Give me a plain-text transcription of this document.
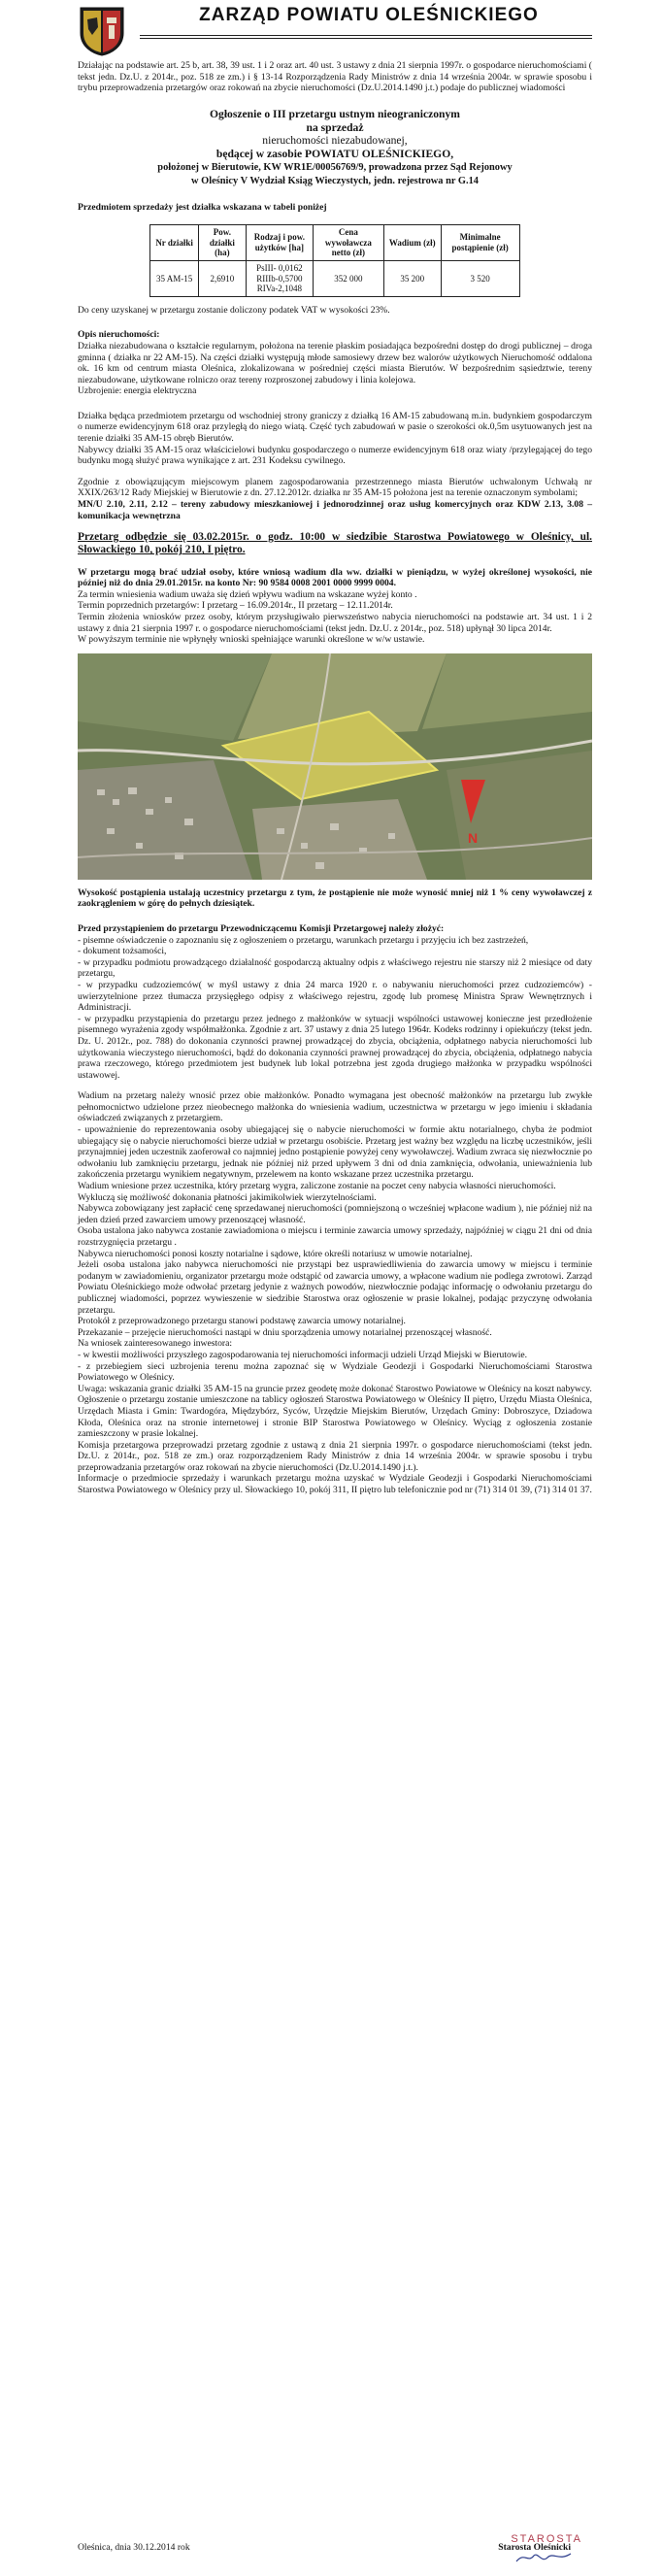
ZARZĄD POWIATU OLEŚNICKIEGO

Działając na podstawie art. 25 b, art. 38, 39 ust. 1 i 2 oraz art. 40 ust. 3 ustawy z dnia 21 sierpnia 1997r. o gospodarce nieruchomościami ( tekst jedn. Dz.U. z 2014r., poz. 518 ze zm.) i § 13-14 Rozporządzenia Rady Ministrów z dnia 14 września 2004r. w sprawie sposobu i trybu przeprowadzenia przetargów oraz rokowań na zbycie nieruchomości (Dz.U.2014.1490 j.t.) podaje do publicznej wiadomości

Ogłoszenie o III przetargu ustnym nieograniczonym
na sprzedaż
nieruchomości niezabudowanej,
będącej w zasobie POWIATU OLEŚNICKIEGO,
położonej w Bierutowie, KW WR1E/00056769/9, prowadzona przez Sąd Rejonowy
w Oleśnicy V Wydział Ksiąg Wieczystych, jedn. rejestrowa nr G.14

Przedmiotem sprzedaży jest działka wskazana w tabeli poniżej

Nr działki	Pow. działki (ha)	Rodzaj i pow. użytków [ha]	Cena wywoławcza netto (zł)	Wadium (zł)	Minimalne postąpienie (zł)
35 AM-15	2,6910	PsIII- 0,0162
RIIIb-0,5700
RIVa-2,1048	352 000	35 200	3 520

Do ceny uzyskanej w przetargu zostanie doliczony podatek VAT w wysokości 23%.

Opis nieruchomości:

Działka niezabudowana o kształcie regularnym, położona na terenie płaskim posiadająca bezpośredni dostęp do drogi publicznej – droga gminna ( działka nr 22 AM-15). Na części działki występują młode samosiewy drzew bez walorów użytkowych Nieruchomość oddalona ok. 16 km od centrum miasta Oleśnica, zlokalizowana w pośredniej części miasta Bierutów. W bezpośrednim sąsiedztwie, tereny niezabudowane, użytkowane rolniczo oraz tereny rozproszonej zabudowy i linia kolejowa.

Uzbrojenie: energia elektryczna

Działka będąca przedmiotem przetargu od wschodniej strony graniczy z działką 16 AM-15 zabudowaną m.in. budynkiem gospodarczym o numerze ewidencyjnym 618 oraz przyległą do niego wiatą. Część tych zabudowań w pasie o szerokości ok.0,5m usytuowanych jest na terenie działki 35 AM-15 obręb Bierutów.

Nabywcy działki 35 AM-15 oraz właścicielowi budynku gospodarczego o numerze ewidencyjnym 618 oraz wiaty /przylegającej do tego budynku mogą służyć prawa wynikające z art. 231 Kodeksu cywilnego.

Zgodnie z obowiązującym miejscowym planem zagospodarowania przestrzennego miasta Bierutów uchwalonym Uchwałą nr XXIX/263/12 Rady Miejskiej w Bierutowie z dn. 27.12.2012r. działka nr 35 AM-15 położona jest na terenie oznaczonym symbolami;

MN/U 2.10, 2.11, 2.12 – tereny zabudowy mieszkaniowej i jednorodzinnej oraz usług komercyjnych oraz KDW 2.13, 3.08 – komunikacja wewnętrzna

Przetarg odbędzie się 03.02.2015r. o godz. 10:00 w siedzibie Starostwa Powiatowego w Oleśnicy, ul. Słowackiego 10, pokój 210, I piętro.

W przetargu mogą brać udział osoby, które wniosą wadium dla ww. działki w pieniądzu, w wyżej określonej wysokości, nie później niż do dnia 29.01.2015r. na konto Nr: 90 9584 0008 2001 0000 9999 0004.

Za termin wniesienia wadium uważa się dzień wpływu wadium na wskazane wyżej konto .

Termin poprzednich przetargów: I przetarg – 16.09.2014r., II przetarg – 12.11.2014r.

Termin złożenia wniosków przez osoby, którym przysługiwało pierwszeństwo nabycia nieruchomości na podstawie art. 34 ust. 1 i 2 ustawy z dnia 21 sierpnia 1997 r. o gospodarce nieruchomościami (tekst jedn. Dz.U. z 2014r., poz. 518) upłynął 30 lipca 2014r.

W powyższym terminie nie wpłynęły wnioski spełniające warunki określone w w/w ustawie.

N

Wysokość postąpienia ustalają uczestnicy przetargu z tym, że postąpienie nie może wynosić mniej niż 1 % ceny wywoławczej z zaokrągleniem w górę do pełnych dziesiątek.

Przed przystąpieniem do przetargu Przewodniczącemu Komisji Przetargowej należy złożyć:

- pisemne oświadczenie o zapoznaniu się z ogłoszeniem o przetargu, warunkach przetargu i przyjęciu ich bez zastrzeżeń,

- dokument tożsamości,

- w przypadku podmiotu prowadzącego działalność gospodarczą aktualny odpis z właściwego rejestru nie starszy niż 2 miesiące od daty przetargu,

- w przypadku cudzoziemców( w myśl ustawy z dnia 24 marca 1920 r. o nabywaniu nieruchomości przez cudzoziemców) - uwierzytelnione przez tłumacza przysięgłego odpisy z właściwego rejestru, zgodę lub promesę Ministra Spraw Wewnętrznych i Administracji.

- w przypadku przystąpienia do przetargu przez jednego z małżonków w sytuacji wspólności ustawowej konieczne jest przedłożenie pisemnego wyrażenia zgody współmałżonka. Zgodnie z art. 37 ustawy z dnia 25 lutego 1964r. Kodeks rodzinny i opiekuńczy (tekst jedn. Dz. U. 2012r., poz. 788) do dokonania czynności prawnej prowadzącej do zbycia, obciążenia, odpłatnego nabycia nieruchomości lub użytkowania wieczystego nieruchomości, bądź do dokonania czynności prawnej prowadzącej do zbycia, obciążenia, odpłatnego nabycia prawa rzeczowego, którego przedmiotem jest budynek lub lokal potrzebna jest zgoda drugiego małżonka w przypadku wspólności ustawowej.

Wadium na przetarg należy wnosić przez obie małżonków. Ponadto wymagana jest obecność małżonków na przetargu lub zwykłe pełnomocnictwo udzielone przez nieobecnego małżonka do wniesienia wadium, uczestnictwa w przetargu w jego imieniu i składania oświadczeń związanych z przetargiem.

- upoważnienie do reprezentowania osoby ubiegającej się o nabycie nieruchomości w formie aktu notarialnego, chyba że podmiot ubiegający się o nabycie nieruchomości bierze udział w przetargu osobiście. Przetarg jest ważny bez względu na liczbę uczestników, jeśli przynajmniej jeden uczestnik zaoferował co najmniej jedno postąpienie powyżej ceny wywoławczej. Wadium zwraca się niezwłocznie po odwołaniu lub zamknięciu przetargu, jednak nie później niż przed upływem 3 dni od dnia zamknięcia, odwołania, unieważnienia lub zakończenia przetargu wynikiem negatywnym, przelewem na konto wskazane przez uczestnika przetargu.

Wadium wniesione przez uczestnika, który przetarg wygra, zaliczone zostanie na poczet ceny nabycia własności nieruchomości.

Wykluczą się możliwość dokonania płatności jakimikolwiek wierzytelnościami.

Nabywca zobowiązany jest zapłacić cenę sprzedawanej nieruchomości (pomniejszoną o wcześniej wpłacone wadium ), nie później niż na jeden dzień przed zawarciem umowy przenoszącej własność.

Osoba ustalona jako nabywca zostanie zawiadomiona o miejscu i terminie zawarcia umowy sprzedaży, najpóźniej w ciągu 21 dni od dnia rozstrzygnięcia przetargu .

Nabywca nieruchomości ponosi koszty notarialne i sądowe, które określi notariusz w umowie notarialnej.

Jeżeli osoba ustalona jako nabywca nieruchomości nie przystąpi bez usprawiedliwienia do zawarcia umowy w miejscu i terminie podanym w zawiadomieniu, organizator przetargu może odstąpić od zawarcia umowy, a wpłacone wadium nie podlega zwrotowi. Zarząd Powiatu Oleśnickiego może odwołać przetarg jedynie z ważnych powodów, niezwłocznie podając informację o odwołaniu przetargu do publicznej wiadomości, poprzez wywieszenie w siedzibie Starostwa oraz ogłoszenie w prasie lokalnej, podając przyczynę odwołania przetargu.

Protokół z przeprowadzonego przetargu stanowi podstawę zawarcia umowy notarialnej.

Przekazanie – przejęcie nieruchomości nastąpi w dniu sporządzenia umowy notarialnej przenoszącej własność.

Na wniosek zainteresowanego inwestora:

- w kwestii możliwości przyszłego zagospodarowania tej nieruchomości informacji udzieli Urząd Miejski w Bierutowie.

- z przebiegiem sieci uzbrojenia terenu można zapoznać się w Wydziale Geodezji i Gospodarki Nieruchomościami Starostwa Powiatowego w Oleśnicy.

Uwaga: wskazania granic działki 35 AM-15 na gruncie przez geodetę może dokonać Starostwo Powiatowe w Oleśnicy na koszt nabywcy.

Ogłoszenie o przetargu zostanie umieszczone na tablicy ogłoszeń Starostwa Powiatowego w Oleśnicy II piętro, Urzędu Miasta Oleśnica, Urzędach Miasta i Gmin: Twardogóra, Międzybórz, Syców, Urzędzie Miejskim Bierutów, Urzędach Gminy: Dobroszyce, Dziadowa Kłoda, Oleśnica oraz na stronie internetowej i stronie BIP Starostwa Powiatowego w Oleśnicy. Wyciąg z ogłoszenia zostanie zamieszczony w prasie lokalnej.

Komisja przetargowa przeprowadzi przetarg zgodnie z ustawą z dnia 21 sierpnia 1997r. o gospodarce nieruchomościami (tekst jedn. Dz.U. z 2014r., poz. 518 ze zm.) oraz rozporządzeniem Rady Ministrów z dnia 14 września 2004r. w sprawie sposobu i trybu przeprowadzania przetargów oraz rokowań na zbycie nieruchomości (Dz.U.2014.1490 j.t.).

Informacje o przedmiocie sprzedaży i warunkach przetargu można uzyskać w Wydziale Geodezji i Gospodarki Nieruchomościami Starostwa Powiatowego w Oleśnicy przy ul. Słowackiego 10, pokój 311, II piętro lub telefonicznie pod nr (71) 314 01 39, (71) 314 01 37.

Oleśnica, dnia 30.12.2014 rok
STAROSTA
Starosta Oleśnicki
